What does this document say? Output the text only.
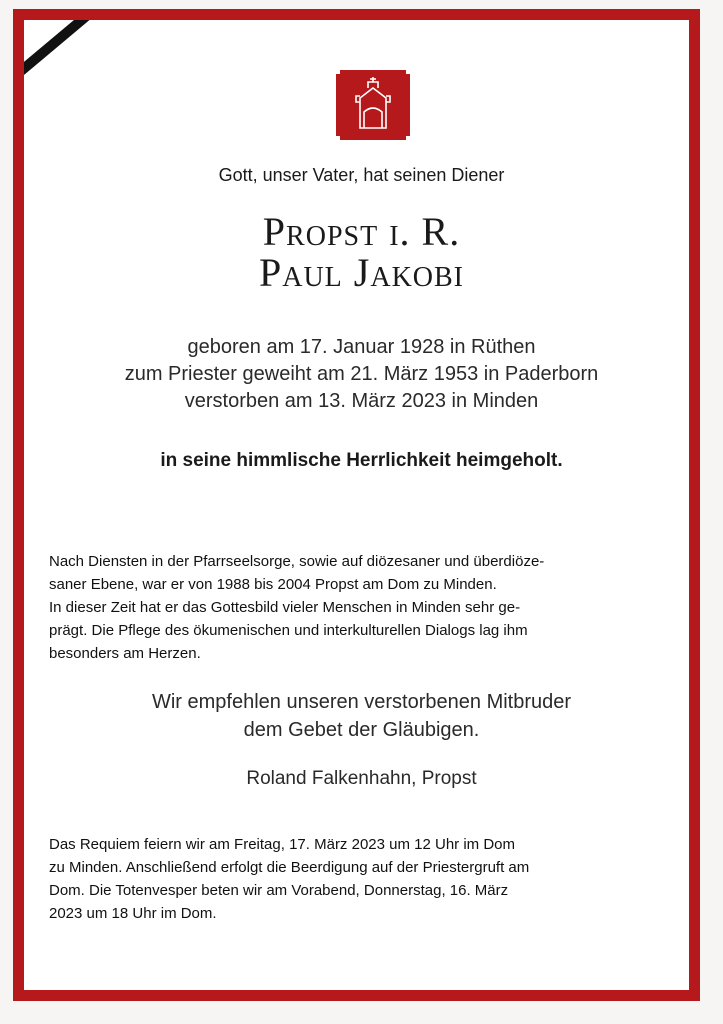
Gott, unser Vater, hat seinen Diener
Propst i. R.
Paul Jakobi
geboren am 17. Januar 1928 in Rüthen
zum Priester geweiht am 21. März 1953 in Paderborn
verstorben am 13. März 2023 in Minden
in seine himmlische Herrlichkeit heimgeholt.
Nach Diensten in der Pfarrseelsorge, sowie auf diözesaner und überdiöze-
saner Ebene, war er von 1988 bis 2004 Propst am Dom zu Minden.
In dieser Zeit hat er das Gottesbild vieler Menschen in Minden sehr ge-
prägt. Die Pflege des ökumenischen und interkulturellen Dialogs lag ihm
besonders am Herzen.
Wir empfehlen unseren verstorbenen Mitbruder
dem Gebet der Gläubigen.
Roland Falkenhahn, Propst
Das Requiem feiern wir am Freitag, 17. März 2023 um 12 Uhr im Dom
zu Minden. Anschließend erfolgt die Beerdigung auf der Priestergruft am
Dom. Die Totenvesper beten wir am Vorabend, Donnerstag, 16. März
2023 um 18 Uhr im Dom.
